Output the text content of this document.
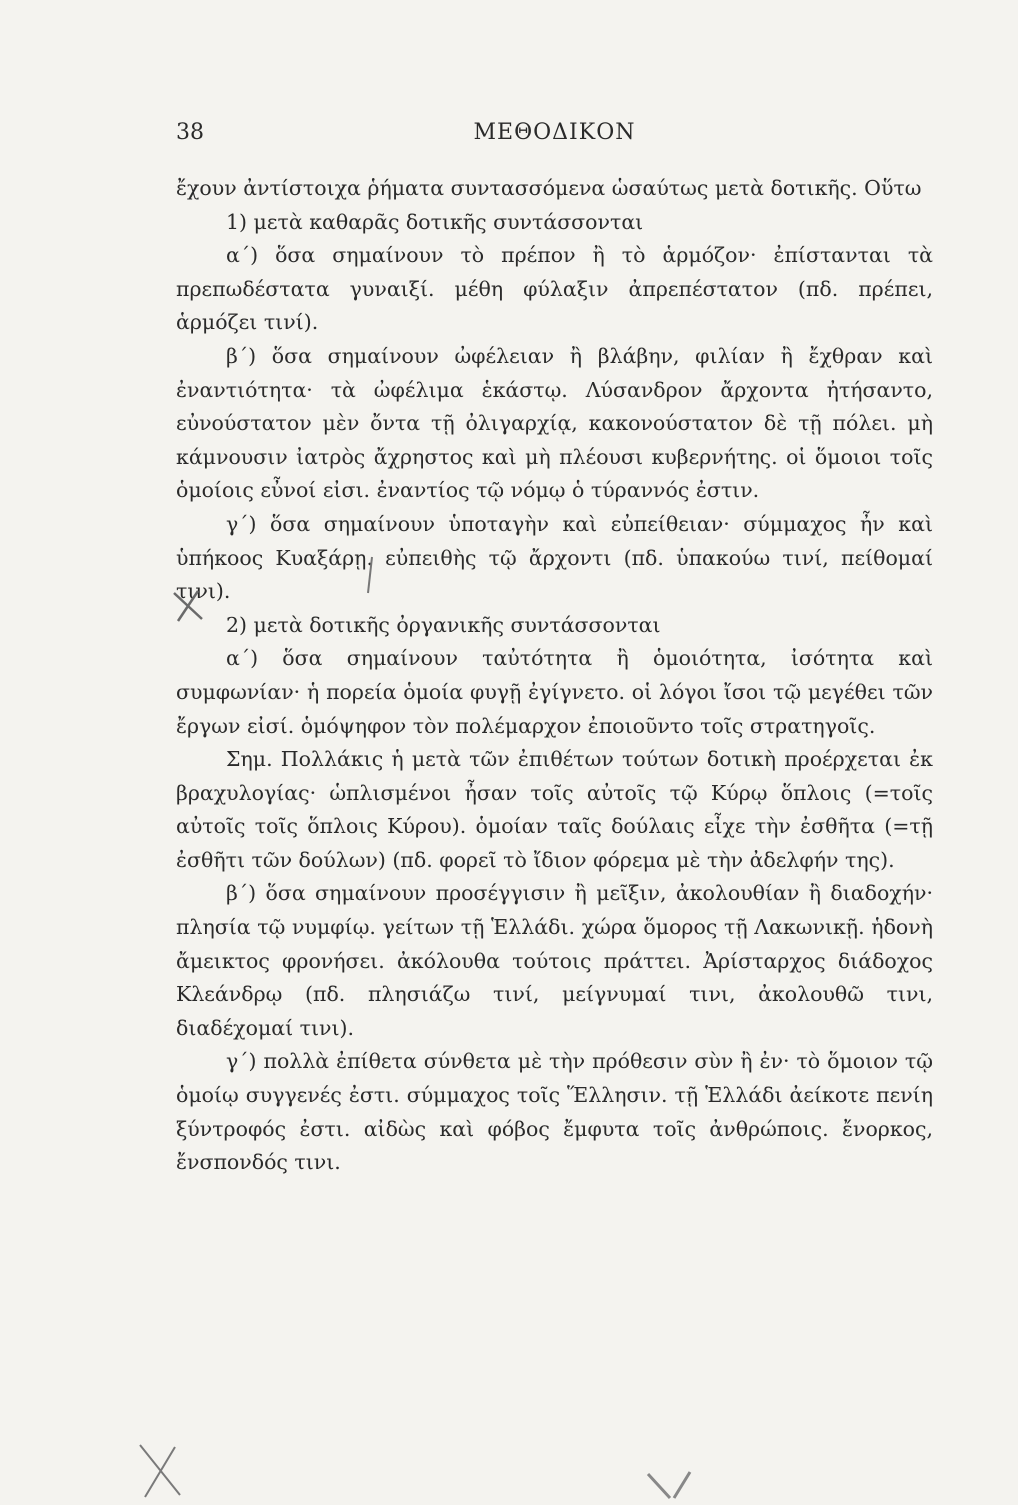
38	ΜΕΘΟΔΙΚΟΝ

ἔχουν ἀντίστοιχα ῥήματα συντασσόμενα ὡσαύτως μετὰ δοτικῆς. Οὕτω

1) μετὰ καθαρᾶς δοτικῆς συντάσσονται

α΄) ὅσα σημαίνουν τὸ πρέπον ἢ τὸ ἁρμόζον· ἐπίστανται τὰ πρεπωδέστατα γυναιξί. μέθη φύλαξιν ἀπρεπέστατον (πδ. πρέπει, ἁρμόζει τινί).

β΄) ὅσα σημαίνουν ὠφέλειαν ἢ βλάβην, φιλίαν ἢ ἔχθραν καὶ ἐναντιότητα· τὰ ὠφέλιμα ἑκάστῳ. Λύσανδρον ἄρχοντα ἠτήσαντο, εὐνούστατον μὲν ὄντα τῇ ὀλιγαρχίᾳ, κακονούστατον δὲ τῇ πόλει. μὴ κάμνουσιν ἰατρὸς ἄχρηστος καὶ μὴ πλέουσι κυβερνήτης. οἱ ὅμοιοι τοῖς ὁμοίοις εὖνοί εἰσι. ἐναντίος τῷ νόμῳ ὁ τύραννός ἐστιν.

γ΄) ὅσα σημαίνουν ὑποταγὴν καὶ εὐπείθειαν· σύμμαχος ἦν καὶ ὑπήκοος Κυαξάρῃ. εὐπειθὴς τῷ ἄρχοντι (πδ. ὑπακούω τινί, πείθομαί τινι).

2) μετὰ δοτικῆς ὀργανικῆς συντάσσονται

α΄) ὅσα σημαίνουν ταὐτότητα ἢ ὁμοιότητα, ἰσότητα καὶ συμφωνίαν· ἡ πορεία ὁμοία φυγῇ ἐγίγνετο. οἱ λόγοι ἴσοι τῷ μεγέθει τῶν ἔργων εἰσί. ὁμόψηφον τὸν πολέμαρχον ἐποιοῦντο τοῖς στρατηγοῖς.

Σημ. Πολλάκις ἡ μετὰ τῶν ἐπιθέτων τούτων δοτικὴ προέρχεται ἐκ βραχυλογίας· ὡπλισμένοι ἦσαν τοῖς αὐτοῖς τῷ Κύρῳ ὅπλοις (=τοῖς αὐτοῖς τοῖς ὅπλοις Κύρου). ὁμοίαν ταῖς δούλαις εἶχε τὴν ἐσθῆτα (=τῇ ἐσθῆτι τῶν δούλων) (πδ. φορεῖ τὸ ἴδιον φόρεμα μὲ τὴν ἀδελφήν της).

β΄) ὅσα σημαίνουν προσέγγισιν ἢ μεῖξιν, ἀκολουθίαν ἢ διαδοχήν· πλησία τῷ νυμφίῳ. γείτων τῇ Ἑλλάδι. χώρα ὅμορος τῇ Λακωνικῇ. ἡδονὴ ἄμεικτος φρονήσει. ἀκόλουθα τούτοις πράττει. Ἀρίσταρχος διάδοχος Κλεάνδρῳ (πδ. πλησιάζω τινί, μείγνυμαί τινι, ἀκολουθῶ τινι, διαδέχομαί τινι).

γ΄) πολλὰ ἐπίθετα σύνθετα μὲ τὴν πρόθεσιν σὺν ἢ ἐν· τὸ ὅμοιον τῷ ὁμοίῳ συγγενές ἐστι. σύμμαχος τοῖς Ἕλλησιν. τῇ Ἑλλάδι ἀείκοτε πενίη ξύντροφός ἐστι. αἰδὼς καὶ φόβος ἔμφυτα τοῖς ἀνθρώποις. ἔνορκος, ἔνσπονδός τινι.
